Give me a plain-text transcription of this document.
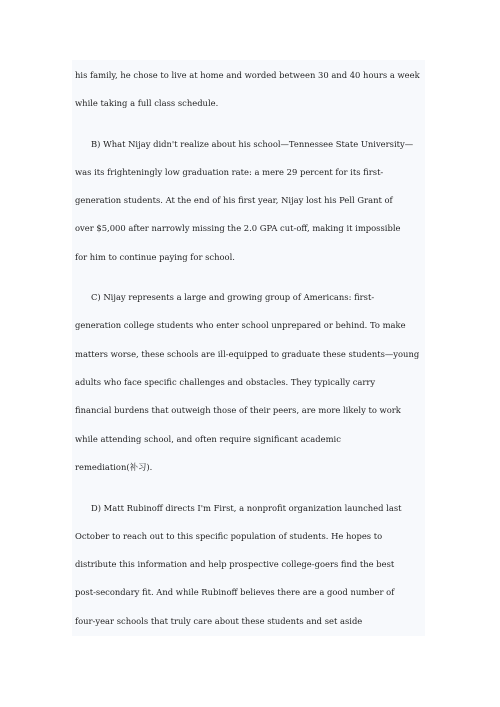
his family, he chose to live at home and worded between 30 and 40 hours a week

while taking a full class schedule.

B) What Nijay didn't realize about his school—Tennessee State University—

was its frighteningly low graduation rate: a mere 29 percent for its first-

generation students. At the end of his first year, Nijay lost his Pell Grant of

over $5,000 after narrowly missing the 2.0 GPA cut-off, making it impossible

for him to continue paying for school.

C) Nijay represents a large and growing group of Americans: first-

generation college students who enter school unprepared or behind. To make

matters worse, these schools are ill-equipped to graduate these students—young

adults who face specific challenges and obstacles. They typically carry

financial burdens that outweigh those of their peers, are more likely to work

while attending school, and often require significant academic

remediation(补习).

D) Matt Rubinoff directs I'm First, a nonprofit organization launched last

October to reach out to this specific population of students. He hopes to

distribute this information and help prospective college-goers find the best

post-secondary fit. And while Rubinoff believes there are a good number of

four-year schools that truly care about these students and set aside
